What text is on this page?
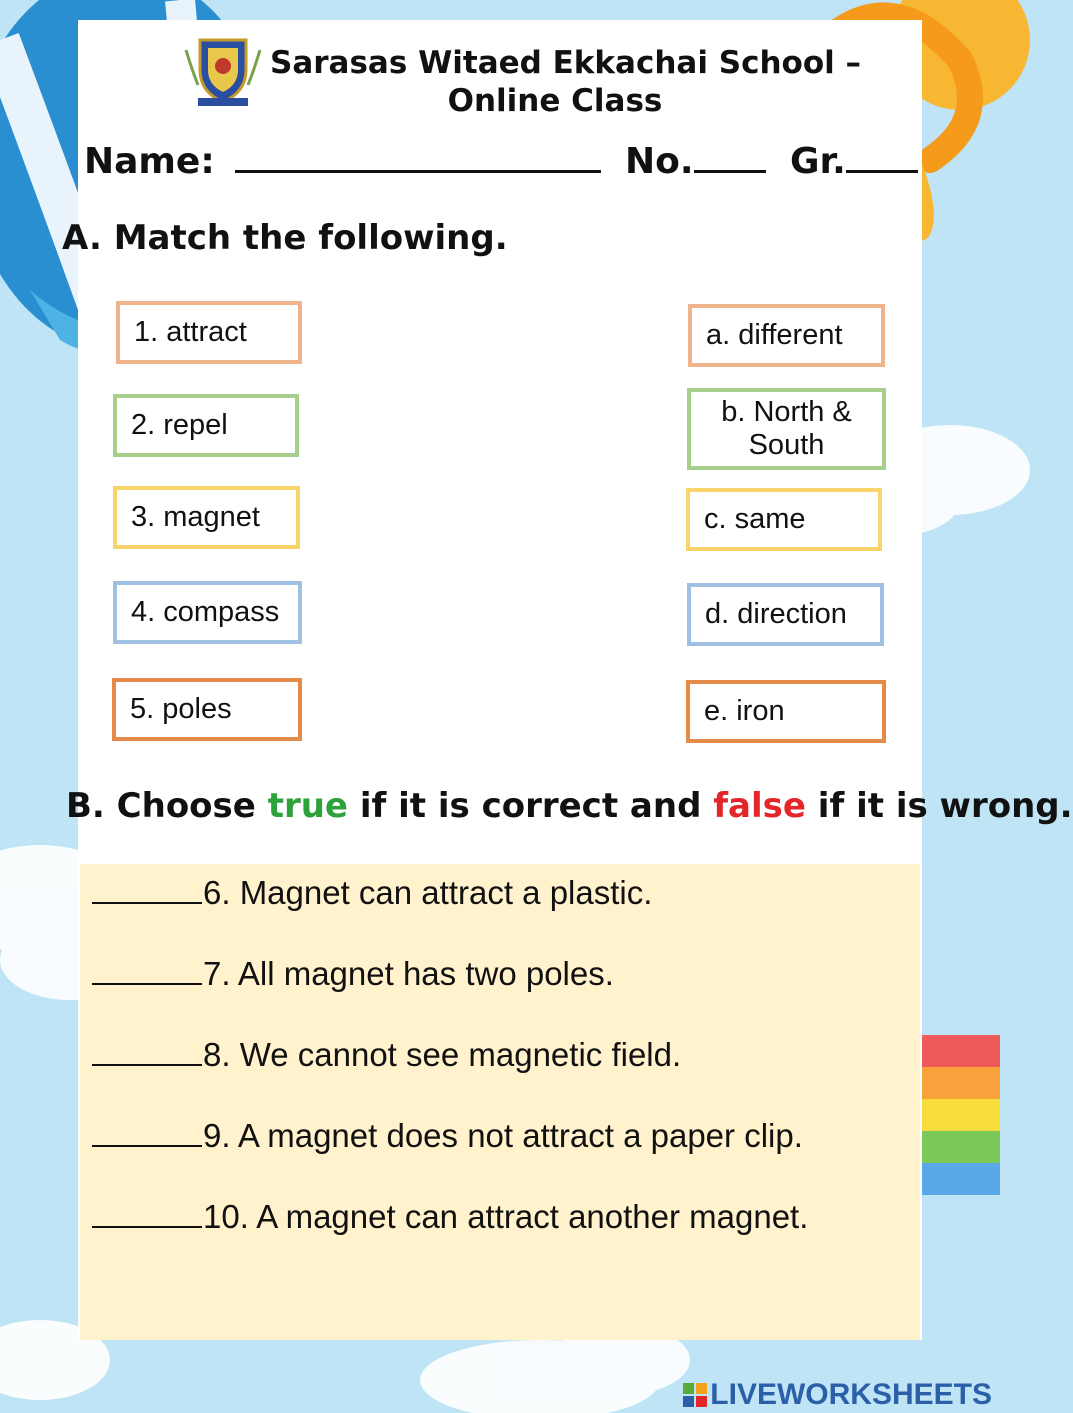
Sarasas Witaed Ekkachai School –
Online Class
Name:	No.	Gr.
A. Match the following.
1. attract
2. repel
3. magnet
4. compass
5. poles
a. different
b. North & South
c. same
d. direction
e. iron
B. Choose true if it is correct and false if it is wrong.
6. Magnet can attract a plastic.
7. All magnet has two poles.
8. We cannot see magnetic field.
9. A magnet does not attract a paper clip.
10. A magnet can attract another magnet.
LIVEWORKSHEETS
